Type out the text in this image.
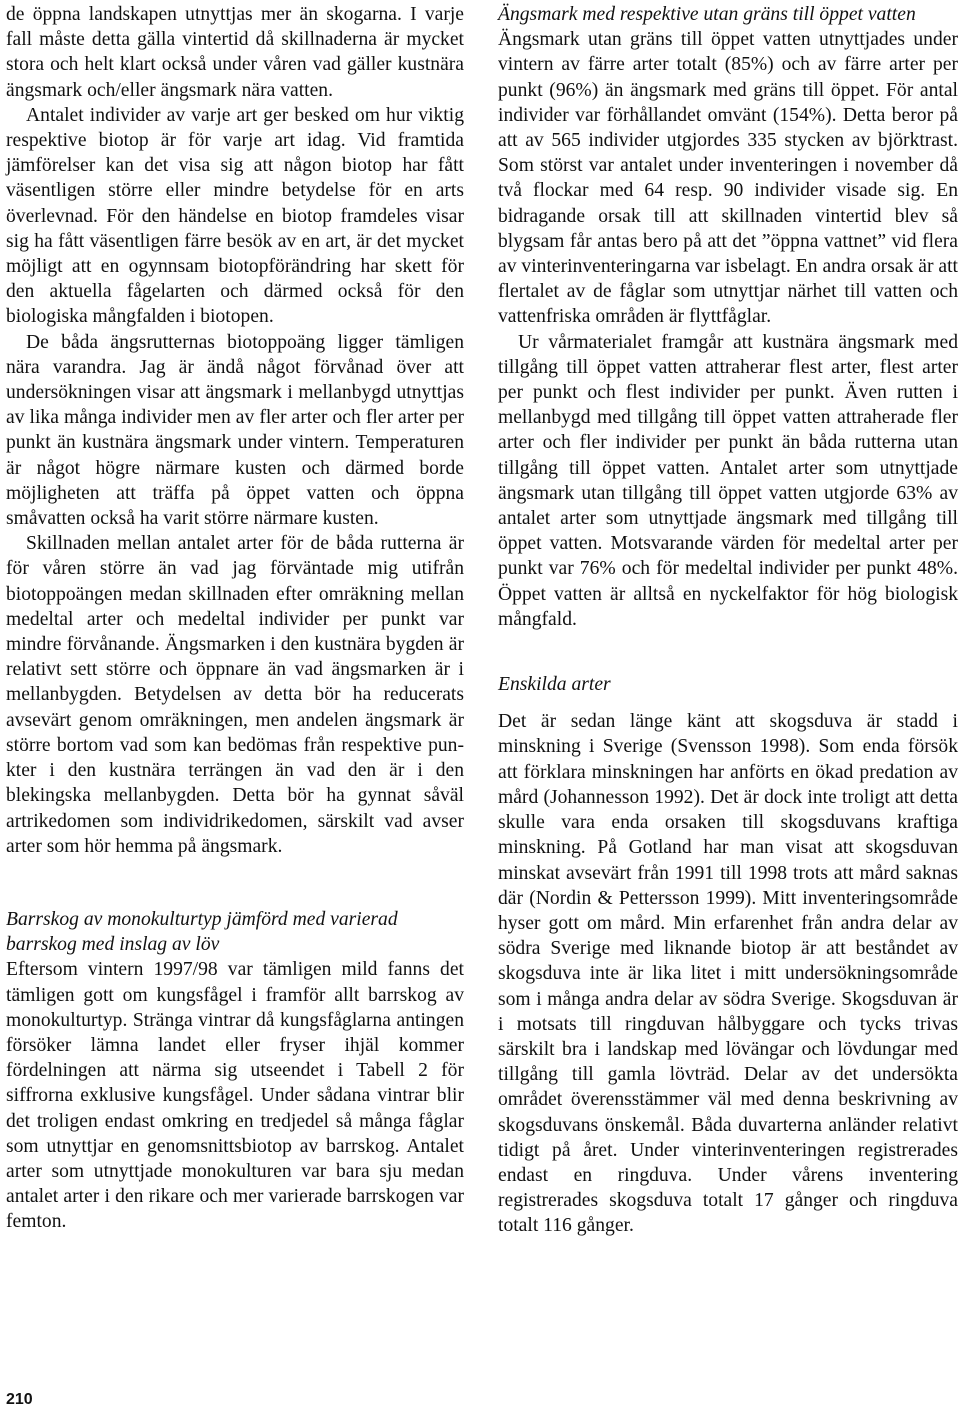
de öppna landskapen utnyttjas mer än skogarna. I varje fall måste detta gälla vintertid då skillnaderna är mycket stora och helt klart också under våren vad gäller kustnära ängsmark och/eller ängsmark nära vatten.

Antalet individer av varje art ger besked om hur viktig respektive biotop är för varje art idag. Vid framtida jämförelser kan det visa sig att någon biotop har fått väsentligen större eller mindre betydelse för en arts överlevnad. För den händelse en biotop framdeles visar sig ha fått väsentligen färre besök av en art, är det mycket möjligt att en ogynnsam biotopförändring har skett för den aktuella fågelarten och därmed också för den biologiska mångfalden i biotopen.

De båda ängsrutternas biotoppoäng ligger tämligen nära varandra. Jag är ändå något förvånad över att undersökningen visar att ängsmark i mellanbygd utnyttjas av lika många individer men av fler arter och fler arter per punkt än kustnära ängsmark under vintern. Temperaturen är något högre närmare kusten och därmed borde möjligheten att träffa på öppet vatten och öppna småvatten också ha varit större närmare kusten.

Skillnaden mellan antalet arter för de båda rutterna är för våren större än vad jag förväntade mig utifrån biotoppoängen medan skillnaden efter omräkning mellan medeltal arter och medeltal individer per punkt var mindre förvånande. Ängsmarken i den kustnära bygden är relativt sett större och öppnare än vad ängsmarken är i mellanbygden. Betydelsen av detta bör ha reducerats avsevärt genom omräkningen, men andelen ängsmark är större bortom vad som kan bedömas från respektive punkter i den kustnära terrängen än vad den är i den blekingska mellanbygden. Detta bör ha gynnat såväl artrikedomen som individrikedomen, särskilt vad avser arter som hör hemma på ängsmark.

Barrskog av monokulturtyp jämförd med varierad barrskog med inslag av löv

Eftersom vintern 1997/98 var tämligen mild fanns det tämligen gott om kungsfågel i framför allt barrskog av monokulturtyp. Stränga vintrar då kungsfåglarna antingen försöker lämna landet eller fryser ihjäl kommer fördelningen att närma sig utseendet i Tabell 2 för siffrorna exklusive kungsfågel. Under sådana vintrar blir det troligen endast omkring en tredjedel så många fåglar som utnyttjar en genomsnittsbiotop av barrskog. Antalet arter som utnyttjade monokulturen var bara sju medan antalet arter i den rikare och mer varierade barrskogen var femton.

Ängsmark med respektive utan gräns till öppet vatten

Ängsmark utan gräns till öppet vatten utnyttjades under vintern av färre arter totalt (85%) och av färre arter per punkt (96%) än ängsmark med gräns till öppet. För antal individer var förhållandet omvänt (154%). Detta beror på att av 565 individer utgjordes 335 stycken av björktrast. Som störst var antalet under inventeringen i november då två flockar med 64 resp. 90 individer visade sig. En bidragande orsak till att skillnaden vintertid blev så blygsam får antas bero på att det ”öppna vattnet” vid flera av vinterinventeringarna var isbelagt. En andra orsak är att flertalet av de fåglar som utnyttjar närhet till vatten och vattenfriska områden är flyttfåglar.

Ur vårmaterialet framgår att kustnära ängsmark med tillgång till öppet vatten attraherar flest arter, flest arter per punkt och flest individer per punkt. Även rutten i mellanbygd med tillgång till öppet vatten attraherade fler arter och fler individer per punkt än båda rutterna utan tillgång till öppet vatten. Antalet arter som utnyttjade ängsmark utan tillgång till öppet vatten utgjorde 63% av antalet arter som utnyttjade ängsmark med tillgång till öppet vatten. Motsvarande värden för medeltal arter per punkt var 76% och för medeltal individer per punkt 48%. Öppet vatten är alltså en nyckelfaktor för hög biologisk mångfald.

Enskilda arter

Det är sedan länge känt att skogsduva är stadd i minskning i Sverige (Svensson 1998). Som enda försök att förklara minskningen har anförts en ökad predation av mård (Johannesson 1992). Det är dock inte troligt att detta skulle vara enda orsaken till skogsduvans kraftiga minskning. På Gotland har man visat att skogsduvan minskat avsevärt från 1991 till 1998 trots att mård saknas där (Nordin & Pettersson 1999). Mitt inventeringsområde hyser gott om mård. Min erfarenhet från andra delar av södra Sverige med liknande biotop är att beståndet av skogsduva inte är lika litet i mitt undersökningsområde som i många andra delar av södra Sverige. Skogsduvan är i motsats till ringduvan hålbyggare och tycks trivas särskilt bra i landskap med lövängar och lövdungar med tillgång till gamla lövträd. Delar av det undersökta området överensstämmer väl med denna beskrivning av skogsduvans önskemål. Båda duvarterna anländer relativt tidigt på året. Under vinterinventeringen registrerades endast en ringduva. Under vårens inventering registrerades skogsduva totalt 17 gånger och ringduva totalt 116 gånger.

210
